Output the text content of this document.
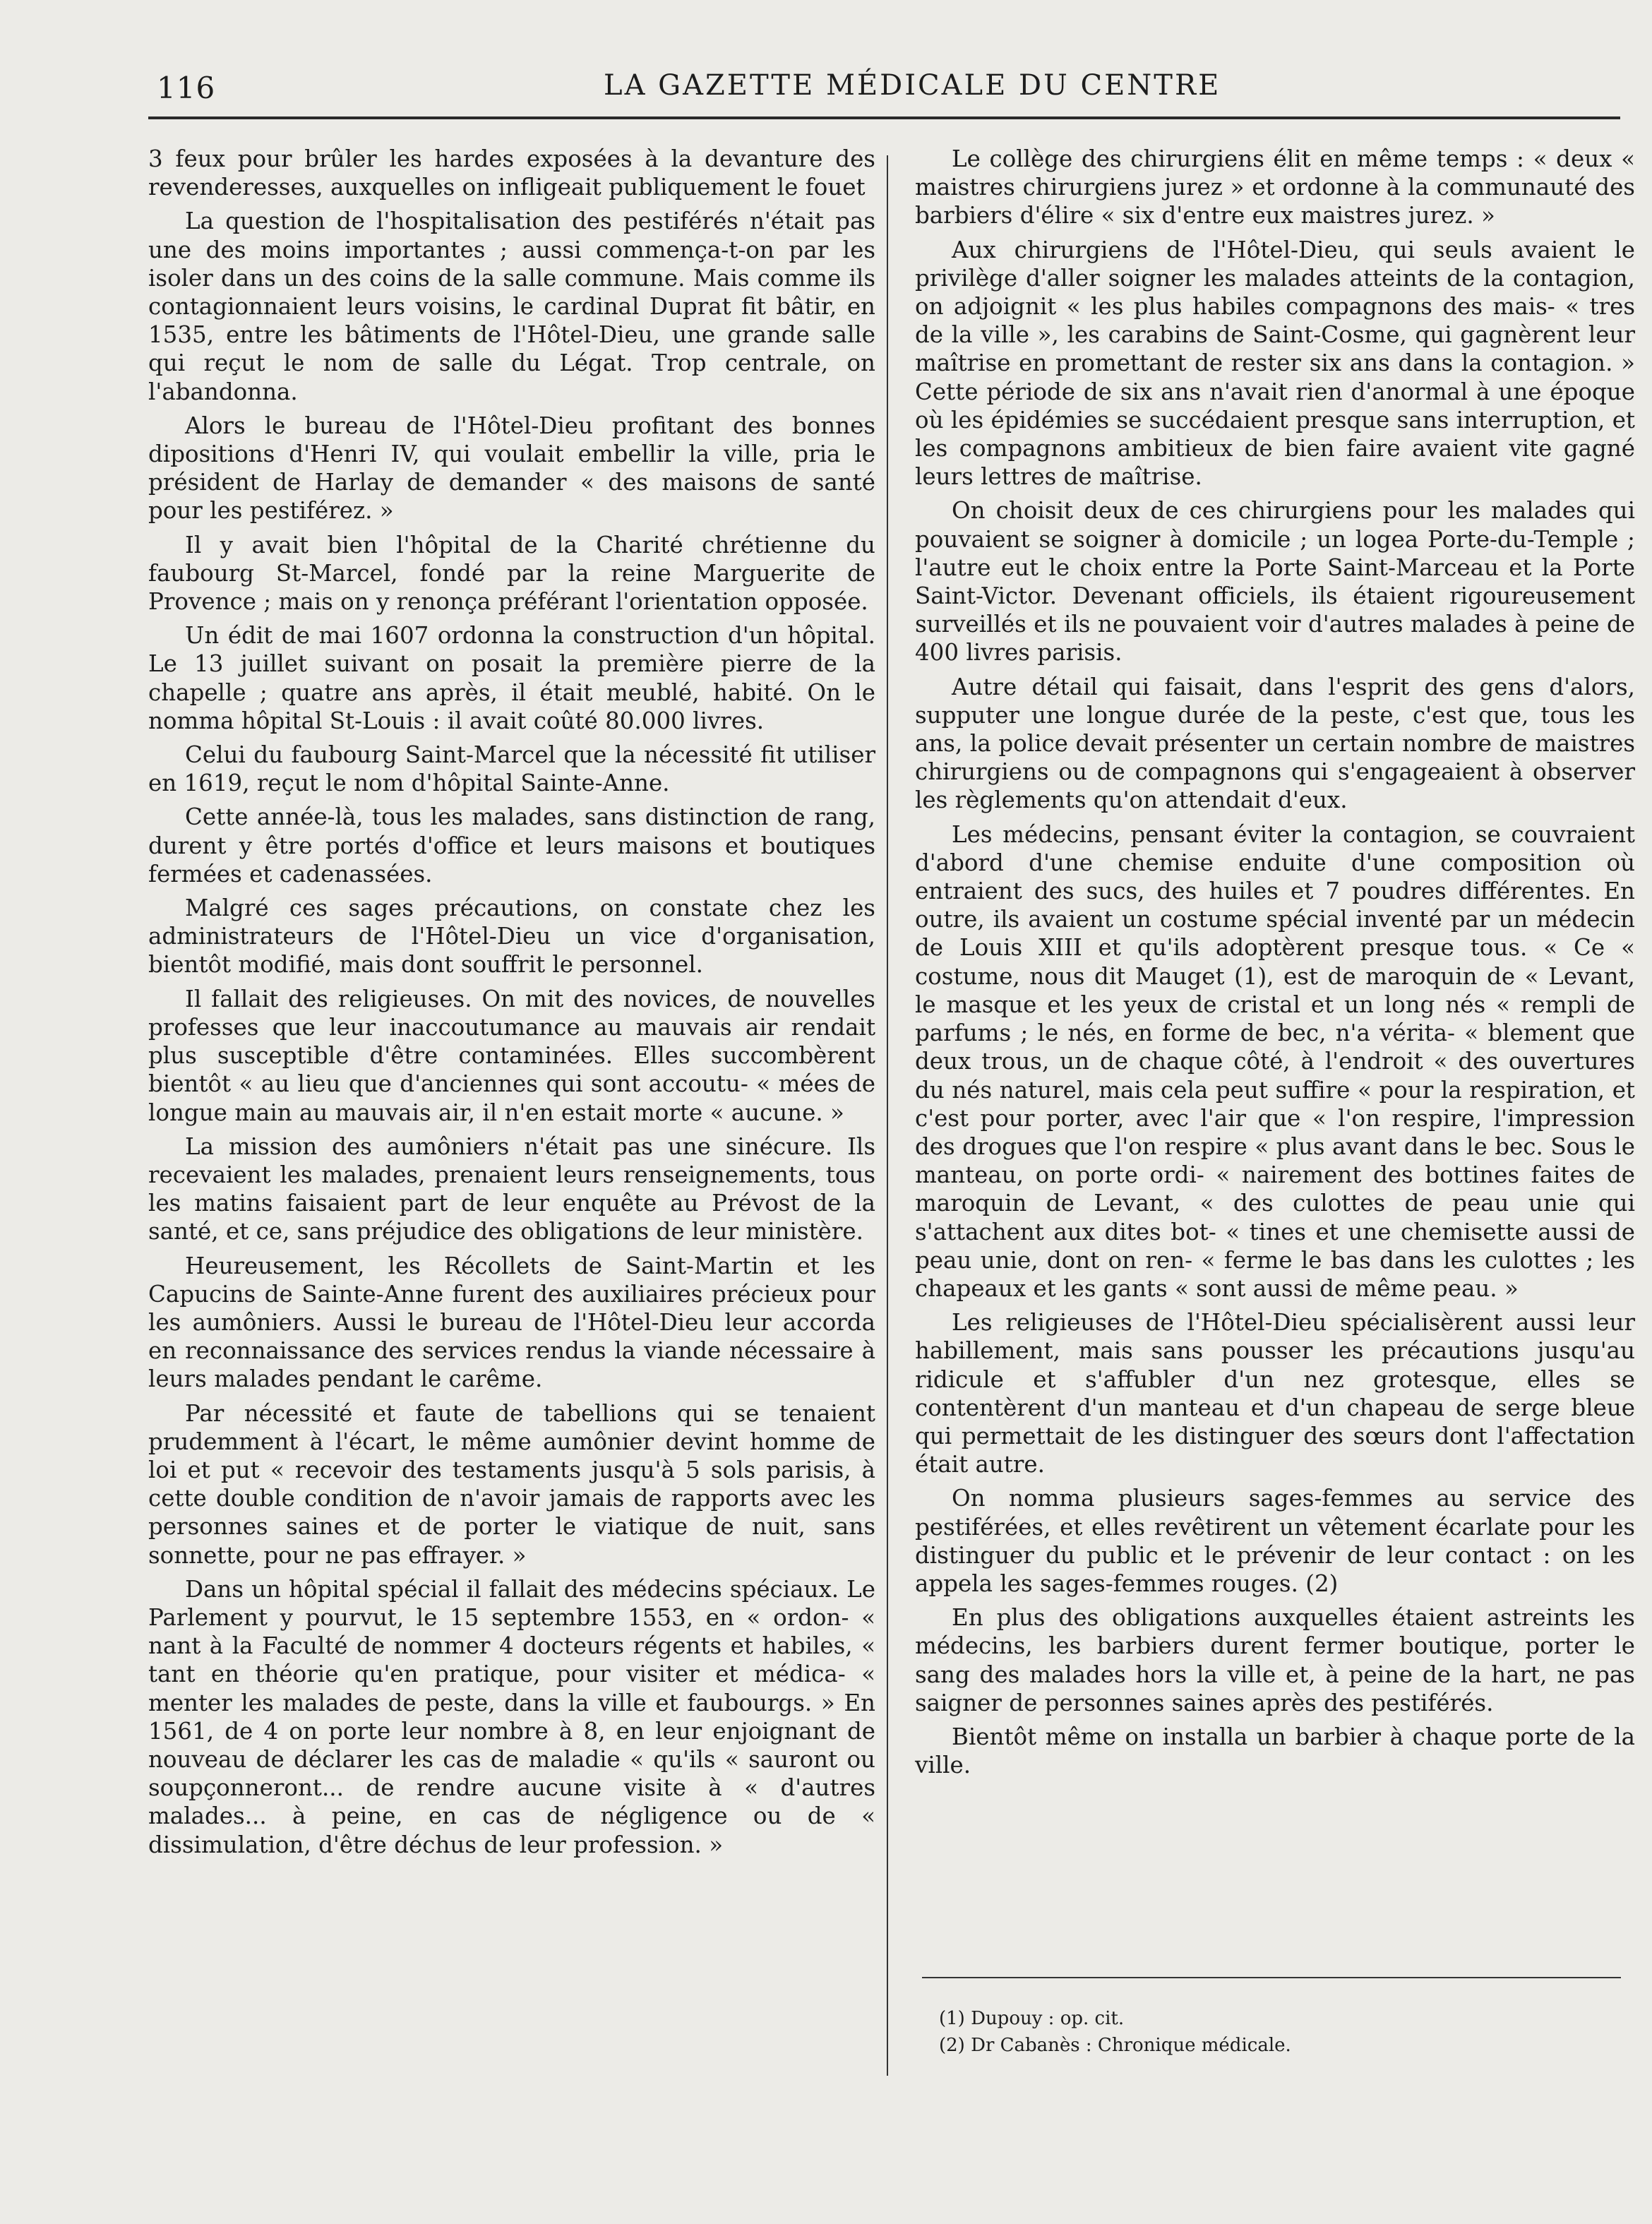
116	LA GAZETTE MÉDICALE DU CENTRE

3 feux pour brûler les hardes exposées à la devanture des revenderesses, auxquelles on infligeait publiquement le fouet

La question de l'hospitalisation des pestiférés n'était pas une des moins importantes ; aussi commença-t-on par les isoler dans un des coins de la salle commune. Mais comme ils contagionnaient leurs voisins, le cardinal Duprat fit bâtir, en 1535, entre les bâtiments de l'Hôtel-Dieu, une grande salle qui reçut le nom de salle du Légat. Trop centrale, on l'abandonna.

Alors le bureau de l'Hôtel-Dieu profitant des bonnes dipositions d'Henri IV, qui voulait embellir la ville, pria le président de Harlay de demander « des maisons de santé pour les pestiférez. »

Il y avait bien l'hôpital de la Charité chrétienne du faubourg St-Marcel, fondé par la reine Marguerite de Provence ; mais on y renonça préférant l'orientation opposée.

Un édit de mai 1607 ordonna la construction d'un hôpital. Le 13 juillet suivant on posait la première pierre de la chapelle ; quatre ans après, il était meublé, habité. On le nomma hôpital St-Louis : il avait coûté 80.000 livres.

Celui du faubourg Saint-Marcel que la nécessité fit utiliser en 1619, reçut le nom d'hôpital Sainte-Anne.

Cette année-là, tous les malades, sans distinction de rang, durent y être portés d'office et leurs maisons et boutiques fermées et cadenassées.

Malgré ces sages précautions, on constate chez les administrateurs de l'Hôtel-Dieu un vice d'organisation, bientôt modifié, mais dont souffrit le personnel.

Il fallait des religieuses. On mit des novices, de nouvelles professes que leur inaccoutumance au mauvais air rendait plus susceptible d'être contaminées. Elles succombèrent bientôt « au lieu que d'anciennes qui sont accoutu- « mées de longue main au mauvais air, il n'en estait morte « aucune. »

La mission des aumôniers n'était pas une sinécure. Ils recevaient les malades, prenaient leurs renseignements, tous les matins faisaient part de leur enquête au Prévost de la santé, et ce, sans préjudice des obligations de leur ministère.

Heureusement, les Récollets de Saint-Martin et les Capucins de Sainte-Anne furent des auxiliaires précieux pour les aumôniers. Aussi le bureau de l'Hôtel-Dieu leur accorda en reconnaissance des services rendus la viande nécessaire à leurs malades pendant le carême.

Par nécessité et faute de tabellions qui se tenaient prudemment à l'écart, le même aumônier devint homme de loi et put « recevoir des testaments jusqu'à 5 sols parisis, à cette double condition de n'avoir jamais de rapports avec les personnes saines et de porter le viatique de nuit, sans sonnette, pour ne pas effrayer. »

Dans un hôpital spécial il fallait des médecins spéciaux. Le Parlement y pourvut, le 15 septembre 1553, en « ordon- « nant à la Faculté de nommer 4 docteurs régents et habiles, « tant en théorie qu'en pratique, pour visiter et médica- « menter les malades de peste, dans la ville et faubourgs. » En 1561, de 4 on porte leur nombre à 8, en leur enjoignant de nouveau de déclarer les cas de maladie « qu'ils « sauront ou soupçonneront... de rendre aucune visite à « d'autres malades... à peine, en cas de négligence ou de « dissimulation, d'être déchus de leur profession. »

Le collège des chirurgiens élit en même temps : « deux « maistres chirurgiens jurez » et ordonne à la communauté des barbiers d'élire « six d'entre eux maistres jurez. »

Aux chirurgiens de l'Hôtel-Dieu, qui seuls avaient le privilège d'aller soigner les malades atteints de la contagion, on adjoignit « les plus habiles compagnons des mais- « tres de la ville », les carabins de Saint-Cosme, qui gagnèrent leur maîtrise en promettant de rester six ans dans la contagion. » Cette période de six ans n'avait rien d'anormal à une époque où les épidémies se succédaient presque sans interruption, et les compagnons ambitieux de bien faire avaient vite gagné leurs lettres de maîtrise.

On choisit deux de ces chirurgiens pour les malades qui pouvaient se soigner à domicile ; un logea Porte-du-Temple ; l'autre eut le choix entre la Porte Saint-Marceau et la Porte Saint-Victor. Devenant officiels, ils étaient rigoureusement surveillés et ils ne pouvaient voir d'autres malades à peine de 400 livres parisis.

Autre détail qui faisait, dans l'esprit des gens d'alors, supputer une longue durée de la peste, c'est que, tous les ans, la police devait présenter un certain nombre de maistres chirurgiens ou de compagnons qui s'engageaient à observer les règlements qu'on attendait d'eux.

Les médecins, pensant éviter la contagion, se couvraient d'abord d'une chemise enduite d'une composition où entraient des sucs, des huiles et 7 poudres différentes. En outre, ils avaient un costume spécial inventé par un médecin de Louis XIII et qu'ils adoptèrent presque tous. « Ce « costume, nous dit Mauget (1), est de maroquin de « Levant, le masque et les yeux de cristal et un long nés « rempli de parfums ; le nés, en forme de bec, n'a vérita- « blement que deux trous, un de chaque côté, à l'endroit « des ouvertures du nés naturel, mais cela peut suffire « pour la respiration, et c'est pour porter, avec l'air que « l'on respire, l'impression des drogues que l'on respire « plus avant dans le bec. Sous le manteau, on porte ordi- « nairement des bottines faites de maroquin de Levant, « des culottes de peau unie qui s'attachent aux dites bot- « tines et une chemisette aussi de peau unie, dont on ren- « ferme le bas dans les culottes ; les chapeaux et les gants « sont aussi de même peau. »

Les religieuses de l'Hôtel-Dieu spécialisèrent aussi leur habillement, mais sans pousser les précautions jusqu'au ridicule et s'affubler d'un nez grotesque, elles se contentèrent d'un manteau et d'un chapeau de serge bleue qui permettait de les distinguer des sœurs dont l'affectation était autre.

On nomma plusieurs sages-femmes au service des pestiférées, et elles revêtirent un vêtement écarlate pour les distinguer du public et le prévenir de leur contact : on les appela les sages-femmes rouges. (2)

En plus des obligations auxquelles étaient astreints les médecins, les barbiers durent fermer boutique, porter le sang des malades hors la ville et, à peine de la hart, ne pas saigner de personnes saines après des pestiférés.

Bientôt même on installa un barbier à chaque porte de la ville.

(1) Dupouy : op. cit.
(2) Dr Cabanès : Chronique médicale.
